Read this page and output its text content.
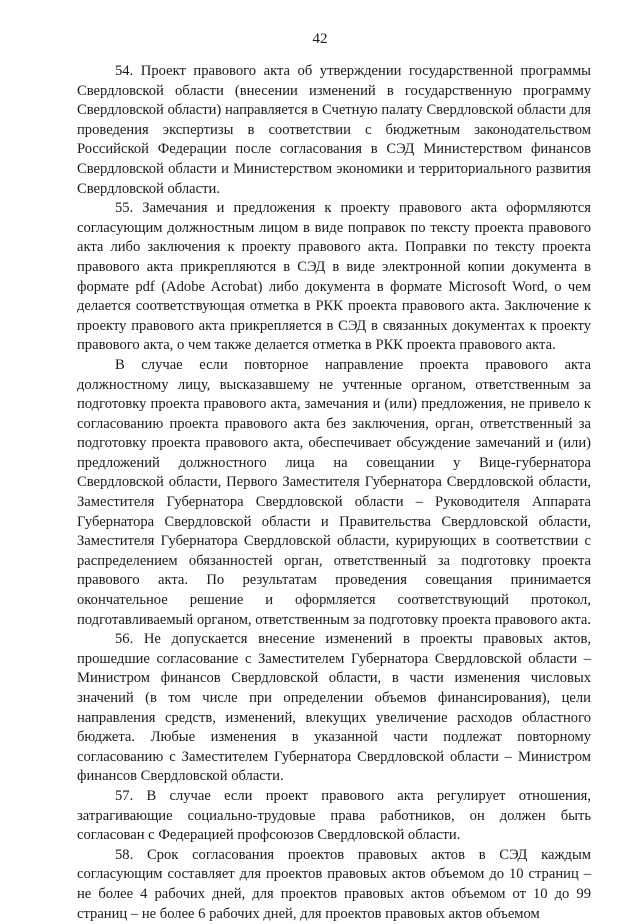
42

54. Проект правового акта об утверждении государственной программы Свердловской области (внесении изменений в государственную программу Свердловской области) направляется в Счетную палату Свердловской области для проведения экспертизы в соответствии с бюджетным законодательством Российской Федерации после согласования в СЭД Министерством финансов Свердловской области и Министерством экономики и территориального развития Свердловской области.

55. Замечания и предложения к проекту правового акта оформляются согласующим должностным лицом в виде поправок по тексту проекта правового акта либо заключения к проекту правового акта. Поправки по тексту проекта правового акта прикрепляются в СЭД в виде электронной копии документа в формате pdf (Adobe Acrobat) либо документа в формате Microsoft Word, о чем делается соответствующая отметка в РКК проекта правового акта. Заключение к проекту правового акта прикрепляется в СЭД в связанных документах к проекту правового акта, о чем также делается отметка в РКК проекта правового акта.

В случае если повторное направление проекта правового акта должностному лицу, высказавшему не учтенные органом, ответственным за подготовку проекта правового акта, замечания и (или) предложения, не привело к согласованию проекта правового акта без заключения, орган, ответственный за подготовку проекта правового акта, обеспечивает обсуждение замечаний и (или) предложений должностного лица на совещании у Вице-губернатора Свердловской области, Первого Заместителя Губернатора Свердловской области, Заместителя Губернатора Свердловской области – Руководителя Аппарата Губернатора Свердловской области и Правительства Свердловской области, Заместителя Губернатора Свердловской области, курирующих в соответствии с распределением обязанностей орган, ответственный за подготовку проекта правового акта. По результатам проведения совещания принимается окончательное решение и оформляется соответствующий протокол, подготавливаемый органом, ответственным за подготовку проекта правового акта.

56. Не допускается внесение изменений в проекты правовых актов, прошедшие согласование с Заместителем Губернатора Свердловской области – Министром финансов Свердловской области, в части изменения числовых значений (в том числе при определении объемов финансирования), цели направления средств, изменений, влекущих увеличение расходов областного бюджета. Любые изменения в указанной части подлежат повторному согласованию с Заместителем Губернатора Свердловской области – Министром финансов Свердловской области.

57. В случае если проект правового акта регулирует отношения, затрагивающие социально-трудовые права работников, он должен быть согласован с Федерацией профсоюзов Свердловской области.

58. Срок согласования проектов правовых актов в СЭД каждым согласующим составляет для проектов правовых актов объемом до 10 страниц – не более 4 рабочих дней, для проектов правовых актов объемом от 10 до 99 страниц – не более 6 рабочих дней, для проектов правовых актов объемом
